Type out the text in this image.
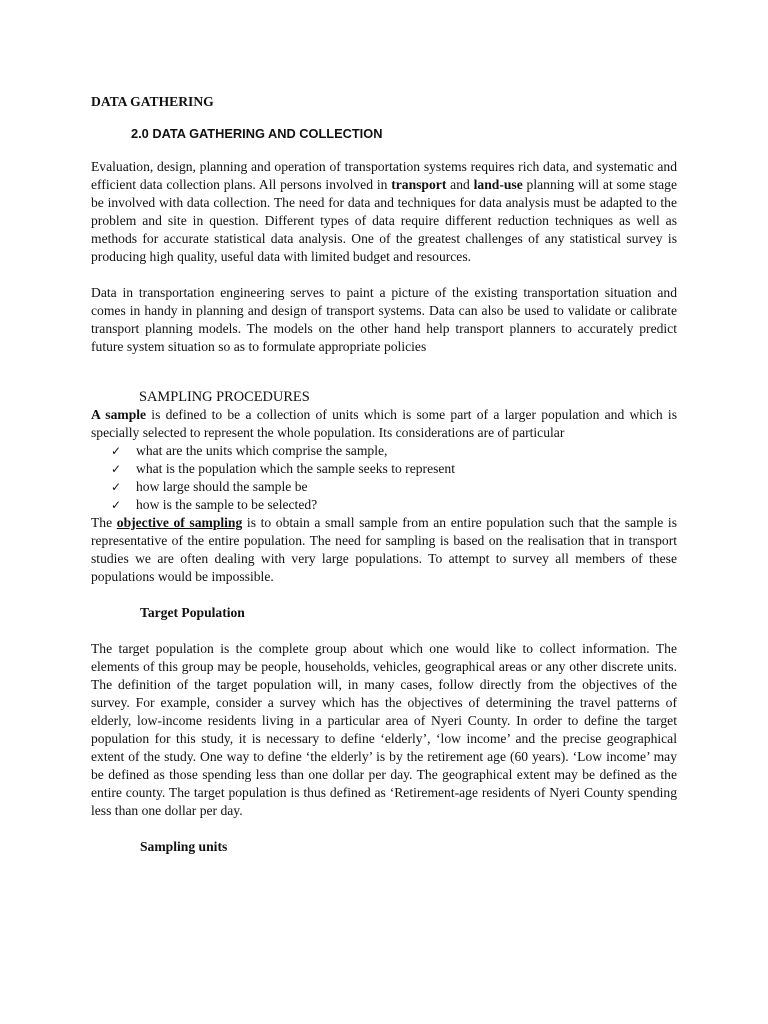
DATA GATHERING
2.0 DATA GATHERING AND COLLECTION

Evaluation, design, planning and operation of transportation systems requires rich data, and systematic and efficient data collection plans. All persons involved in transport and land-use planning will at some stage be involved with data collection. The need for data and techniques for data analysis must be adapted to the problem and site in question. Different types of data require different reduction techniques as well as methods for accurate statistical data analysis. One of the greatest challenges of any statistical survey is producing high quality, useful data with limited budget and resources.

Data in transportation engineering serves to paint a picture of the existing transportation situation and comes in handy in planning and design of transport systems. Data can also be used to validate or calibrate transport planning models. The models on the other hand help transport planners to accurately predict future system situation so as to formulate appropriate policies

SAMPLING PROCEDURES

A sample is defined to be a collection of units which is some part of a larger population and which is specially selected to represent the whole population. Its considerations are of particular

✓	what are the units which comprise the sample,
✓	what is the population which the sample seeks to represent
✓	how large should the sample be
✓	how is the sample to be selected?

The objective of sampling is to obtain a small sample from an entire population such that the sample is representative of the entire population. The need for sampling is based on the realisation that in transport studies we are often dealing with very large populations. To attempt to survey all members of these populations would be impossible.

Target Population

The target population is the complete group about which one would like to collect information. The elements of this group may be people, households, vehicles, geographical areas or any other discrete units. The definition of the target population will, in many cases, follow directly from the objectives of the survey. For example, consider a survey which has the objectives of determining the travel patterns of elderly, low-income residents living in a particular area of Nyeri County. In order to define the target population for this study, it is necessary to define ‘elderly’, ‘low income’ and the precise geographical extent of the study. One way to define ‘the elderly’ is by the retirement age (60 years). ‘Low income’ may be defined as those spending less than one dollar per day. The geographical extent may be defined as the entire county. The target population is thus defined as ‘Retirement-age residents of Nyeri County spending less than one dollar per day.

Sampling units
